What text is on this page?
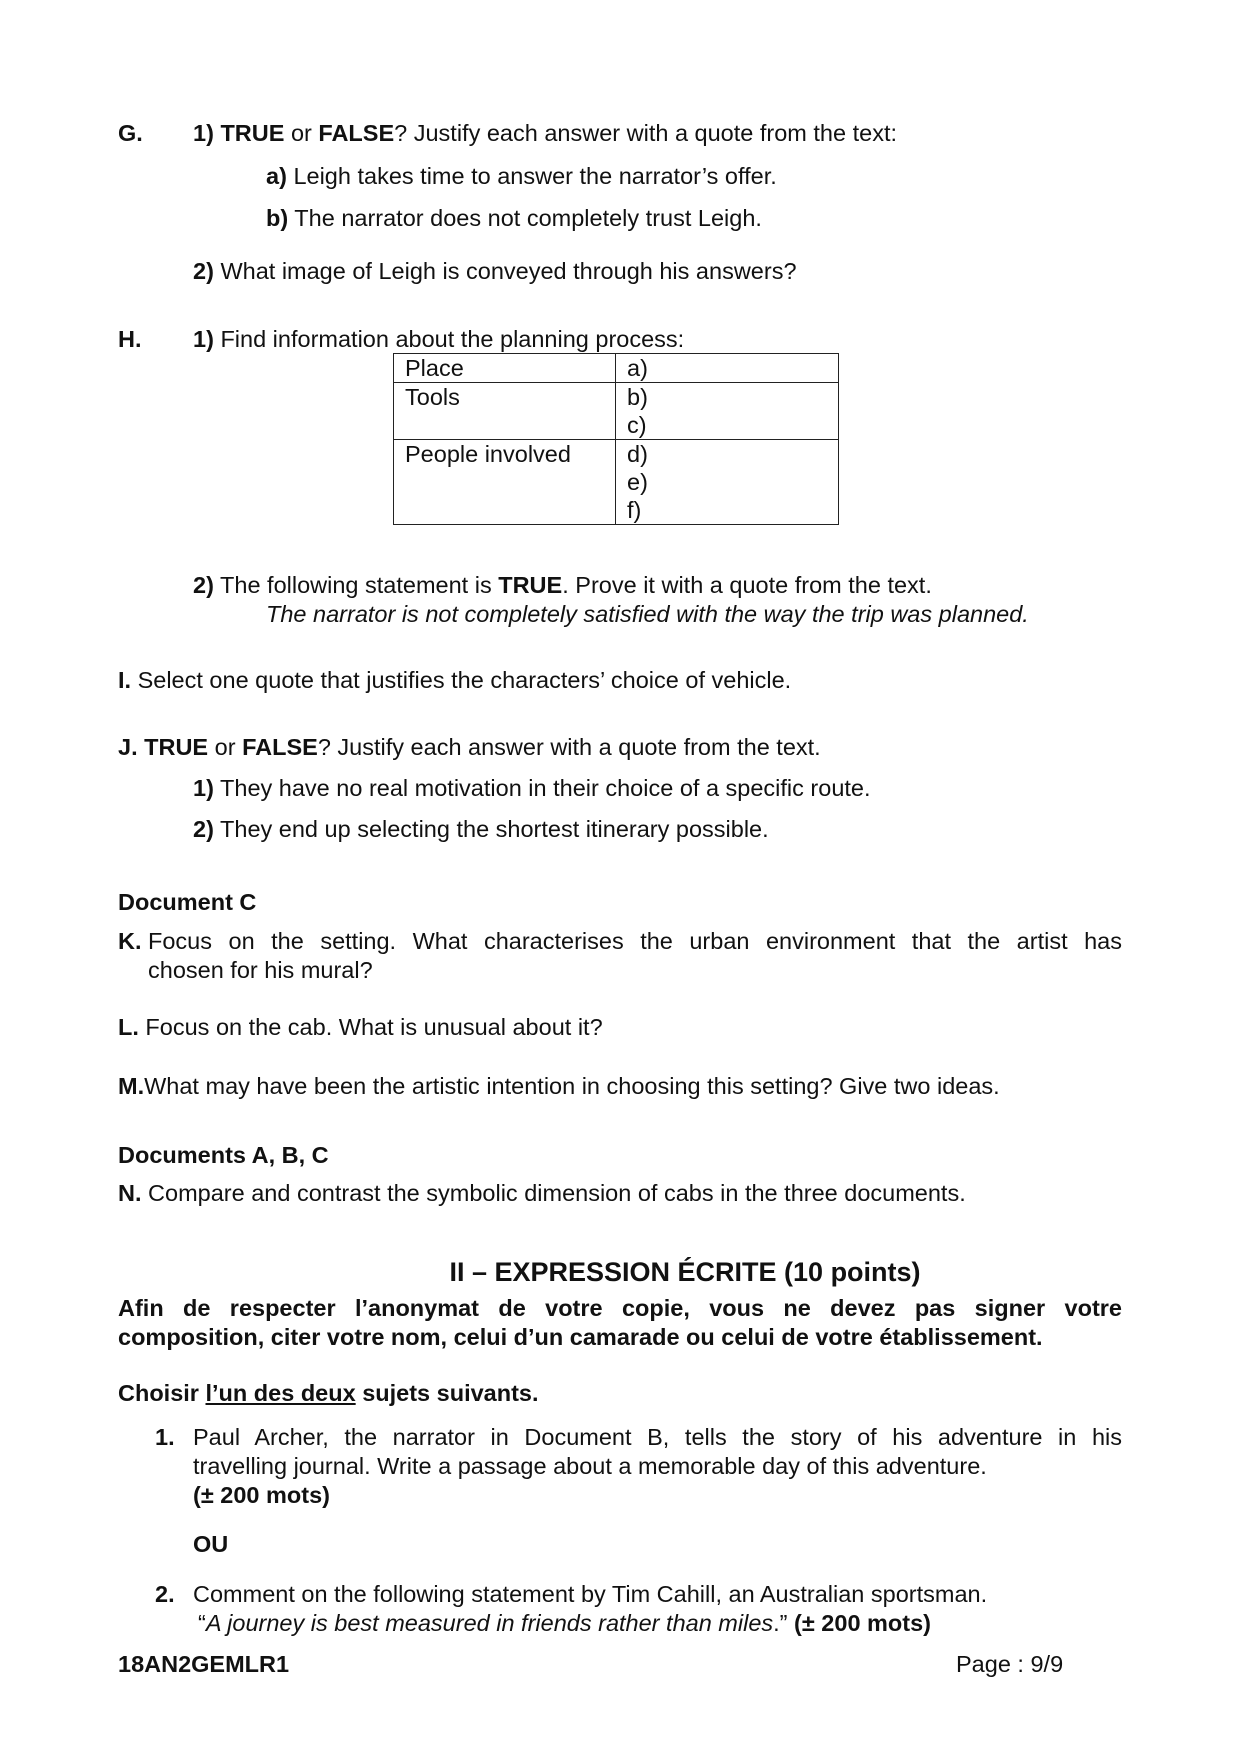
G. 1) TRUE or FALSE? Justify each answer with a quote from the text:
a) Leigh takes time to answer the narrator’s offer.
b) The narrator does not completely trust Leigh.
2) What image of Leigh is conveyed through his answers?
H. 1) Find information about the planning process:
Place	a)

Tools	b)
c)

People involved	d)
e)
f)
2) The following statement is TRUE. Prove it with a quote from the text.
The narrator is not completely satisfied with the way the trip was planned.
I. Select one quote that justifies the characters’ choice of vehicle.
J. TRUE or FALSE? Justify each answer with a quote from the text.
1) They have no real motivation in their choice of a specific route.
2) They end up selecting the shortest itinerary possible.
Document C
K. Focus on the setting. What characterises the urban environment that the artist has
chosen for his mural?
L. Focus on the cab. What is unusual about it?
M.What may have been the artistic intention in choosing this setting? Give two ideas.
Documents A, B, C
N. Compare and contrast the symbolic dimension of cabs in the three documents.
II – EXPRESSION ÉCRITE (10 points)
Afin de respecter l’anonymat de votre copie, vous ne devez pas signer votre
composition, citer votre nom, celui d’un camarade ou celui de votre établissement.
Choisir l’un des deux sujets suivants.
1. Paul Archer, the narrator in Document B, tells the story of his adventure in his
travelling journal. Write a passage about a memorable day of this adventure.
(± 200 mots)
OU
2. Comment on the following statement by Tim Cahill, an Australian sportsman.
“A journey is best measured in friends rather than miles.” (± 200 mots)
18AN2GEMLR1	Page : 9/9
